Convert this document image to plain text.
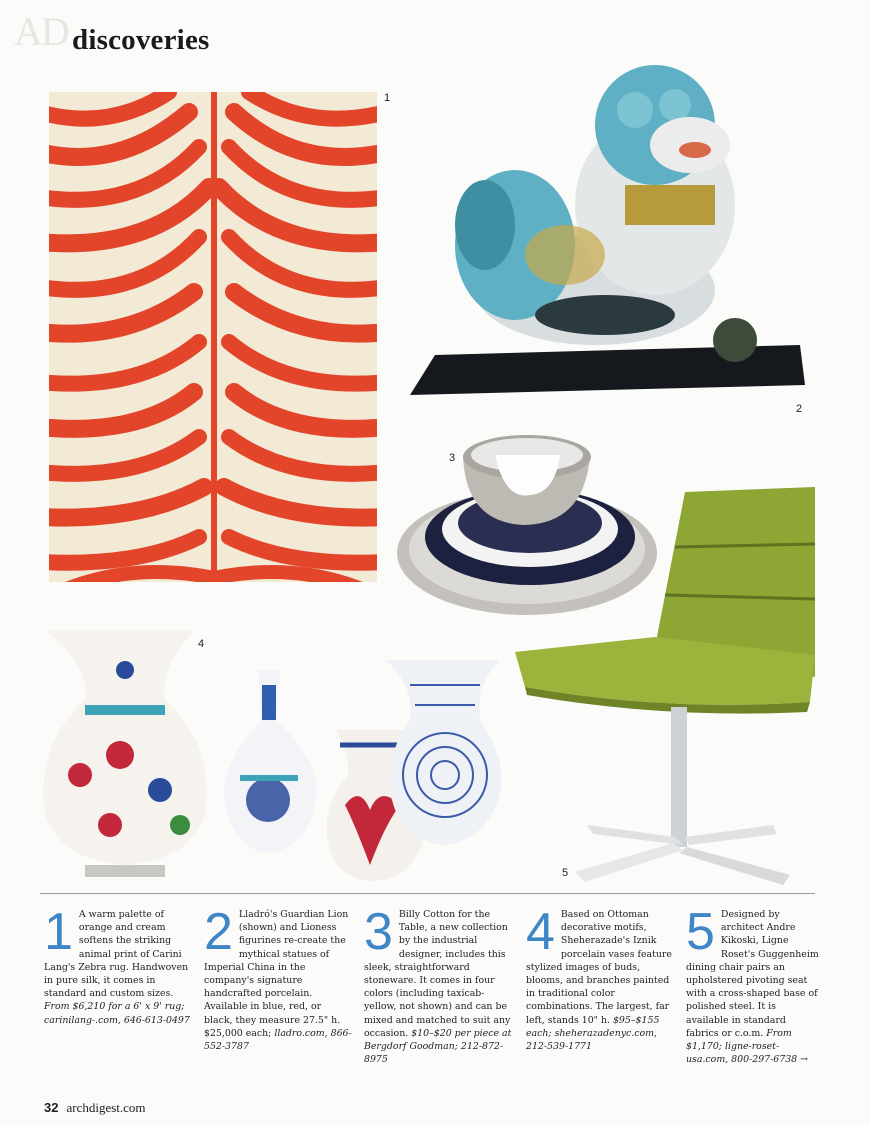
AD discoveries
1
2
3
4
5
1 A warm palette of orange and cream softens the striking animal print of Carini Lang's Zebra rug. Handwoven in pure silk, it comes in standard and custom sizes. From $6,210 for a 6' x 9' rug; carinilang-.com, 646-613-0497

2 Lladró's Guardian Lion (shown) and Lioness figurines re-create the mythical statues of Imperial China in the company's signature handcrafted porcelain. Available in blue, red, or black, they measure 27.5" h. $25,000 each; lladro.com, 866-552-3787

3 Billy Cotton for the Table, a new collection by the industrial designer, includes this sleek, straightforward stoneware. It comes in four colors (including taxicab-yellow, not shown) and can be mixed and matched to suit any occasion. $10–$20 per piece at Bergdorf Goodman; 212-872-8975

4 Based on Ottoman decorative motifs, Sheherazade's Iznik porcelain vases feature stylized images of buds, blooms, and branches painted in traditional color combinations. The largest, far left, stands 10" h. $95–$155 each; sheherazadenyc.com, 212-539-1771

5 Designed by architect Andre Kikoski, Ligne Roset's Guggenheim dining chair pairs an upholstered pivoting seat with a cross-shaped base of polished steel. It is available in standard fabrics or c.o.m. From $1,170; ligne-roset-usa.com, 800-297-6738 →

32 archdigest.com
